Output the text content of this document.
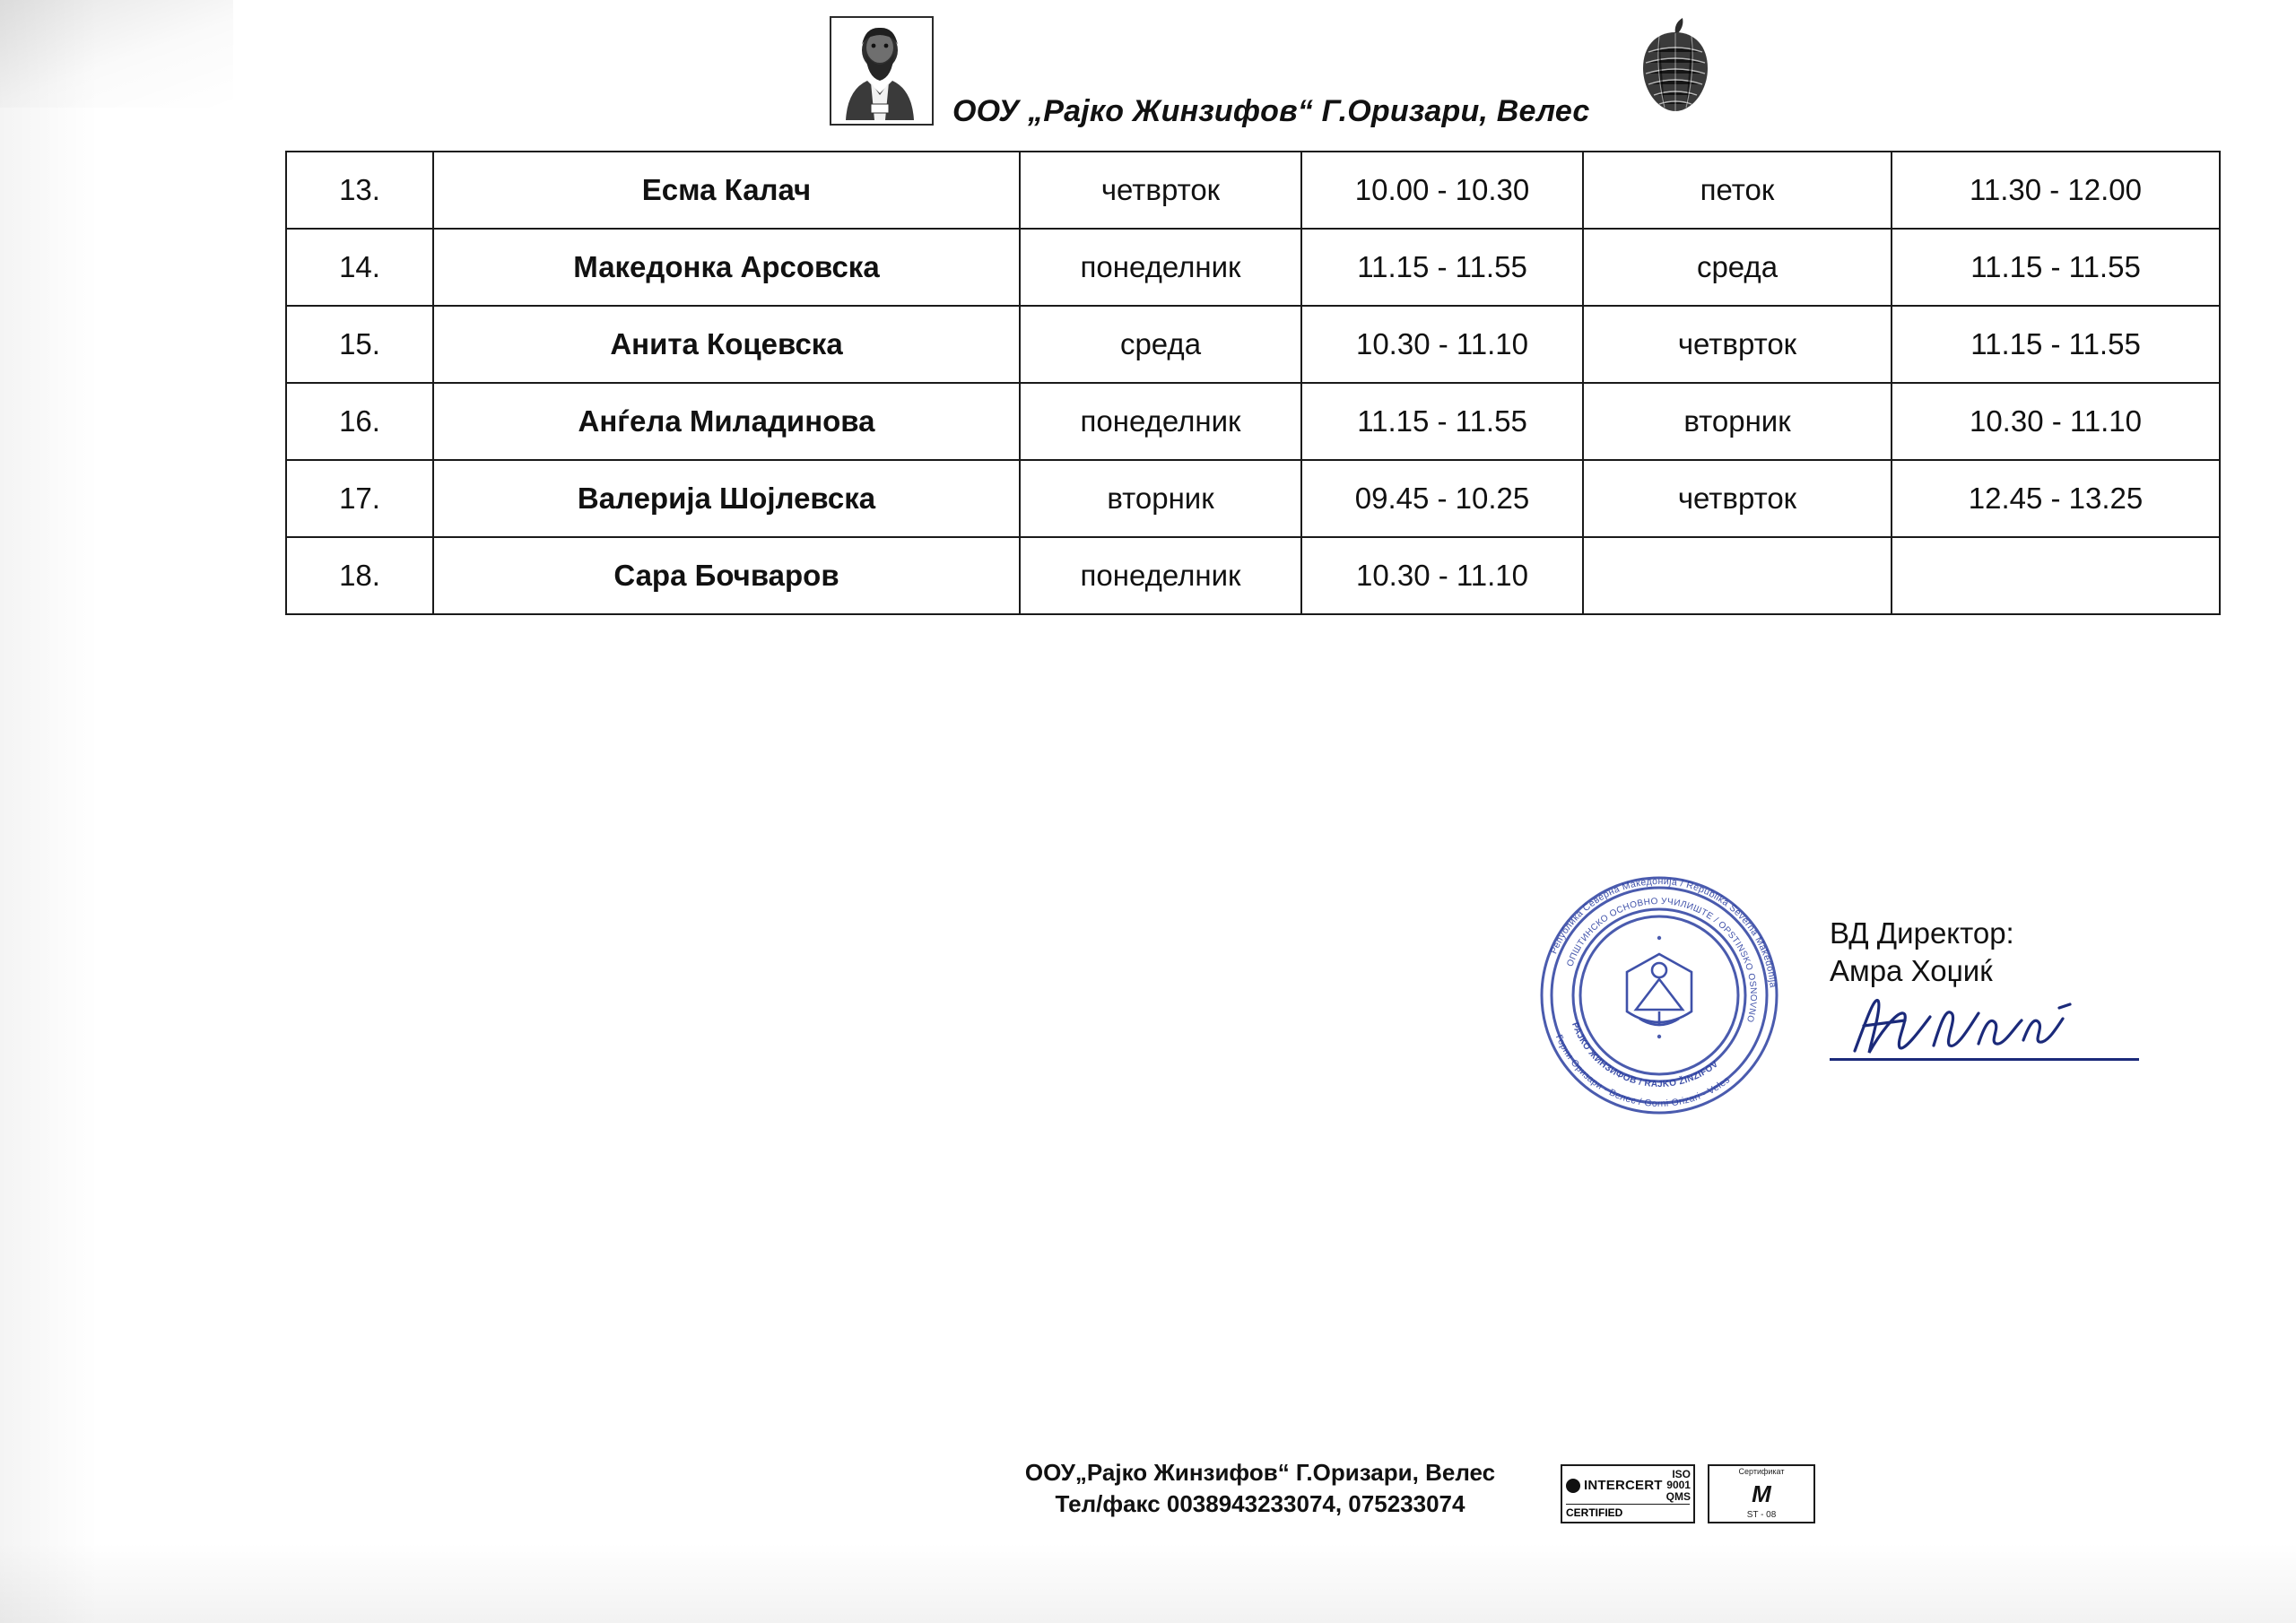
ООУ „Рајко Жинзифов“ Г.Оризари, Велес
13.	Есма Калач	четврток	10.00 - 10.30	петок	11.30 - 12.00
14.	Македонка Арсовска	понеделник	11.15 - 11.55	среда	11.15 - 11.55
15.	Анита Коцевска	среда	10.30 - 11.10	четврток	11.15 - 11.55
16.	Анѓела Миладинова	понеделник	11.15 - 11.55	вторник	10.30 - 11.10
17.	Валерија Шојлевска	вторник	09.45 - 10.25	четврток	12.45 - 13.25
18.	Сара Бочваров	понеделник	10.30 - 11.10		
Република Северна Македонија / Republika Severna Makedonija
Горни Оризари - Велес / Gorni Orizari - Veles
ОПШТИНСКО ОСНОВНО УЧИЛИШТЕ / OPSTINSKO OSNOVNO
РАЈКО ЖИНЗИФОВ / RAJKO ŽINZIFOV
ВД Директор:
Амра Хоџиќ
ООУ„Рајко Жинзифов“ Г.Оризари, Велес
Тел/факс 0038943233074, 075233074
INTERCERT
ISO 9001
QMS
CERTIFIED
Сертификат
M
ST - 08
